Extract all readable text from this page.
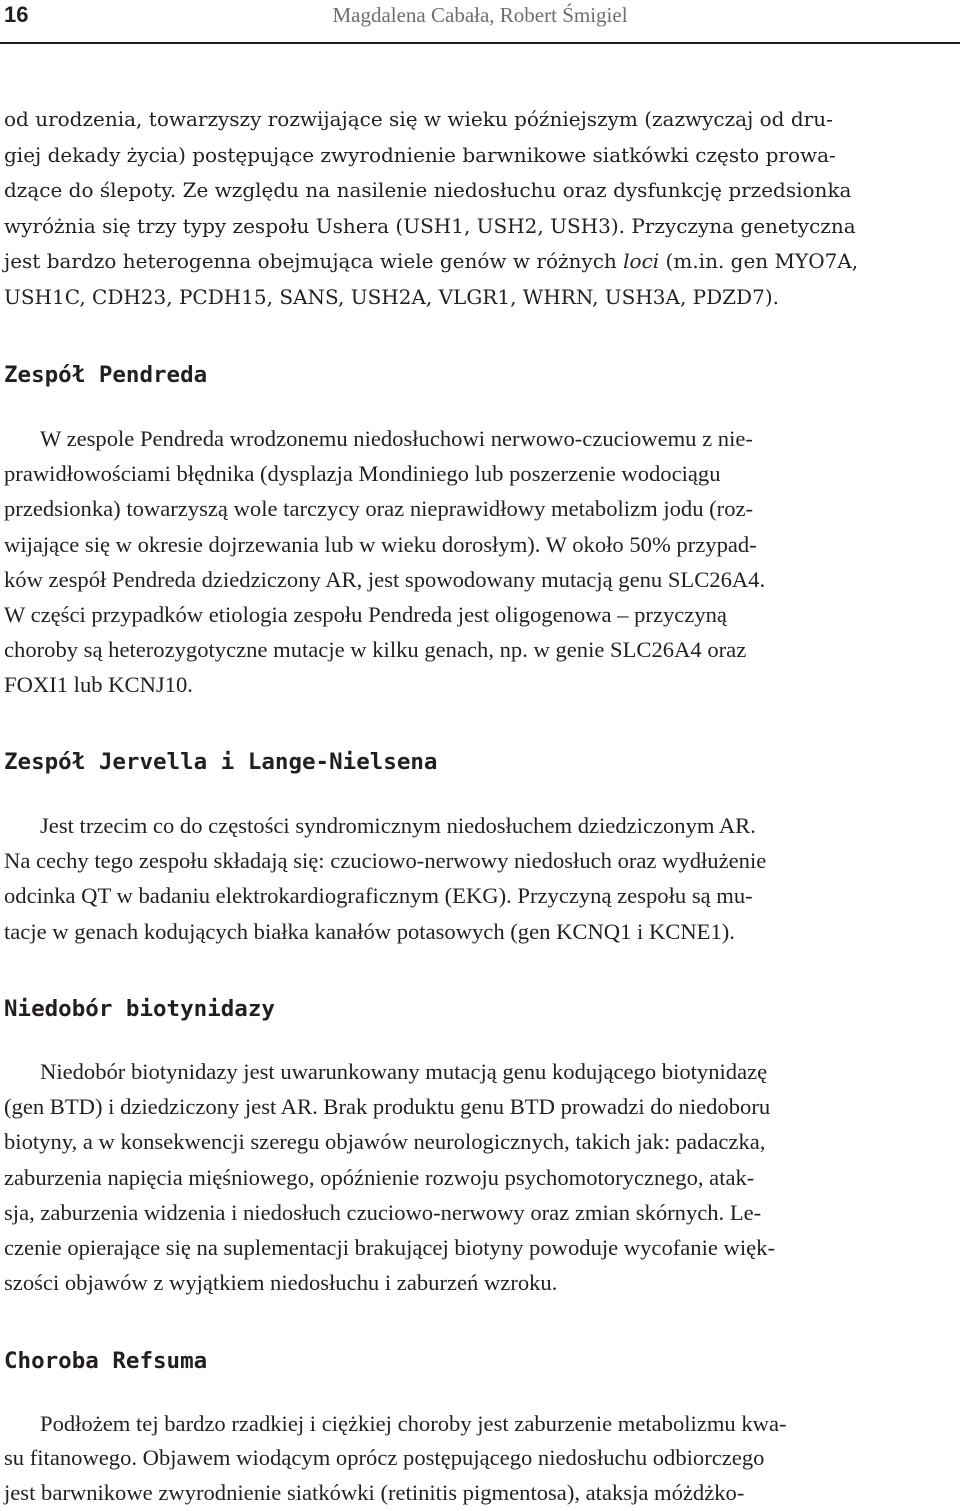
16	Magdalena Cabała, Robert Śmigiel

od urodzenia, towarzyszy rozwijające się w wieku późniejszym (zazwyczaj od dru-
giej dekady życia) postępujące zwyrodnienie barwnikowe siatkówki często prowa-
dzące do ślepoty. Ze względu na nasilenie niedosłuchu oraz dysfunkcję przedsionka
wyróżnia się trzy typy zespołu Ushera (USH1, USH2, USH3). Przyczyna genetyczna
jest bardzo heterogenna obejmująca wiele genów w różnych loci (m.in. gen MYO7A,
USH1C, CDH23, PCDH15, SANS, USH2A, VLGR1, WHRN, USH3A, PDZD7).

Zespół Pendreda

W zespole Pendreda wrodzonemu niedosłuchowi nerwowo-czuciowemu z nie-
prawidłowościami błędnika (dysplazja Mondiniego lub poszerzenie wodociągu
przedsionka) towarzyszą wole tarczycy oraz nieprawidłowy metabolizm jodu (roz-
wijające się w okresie dojrzewania lub w wieku dorosłym). W około 50% przypad-
ków zespół Pendreda dziedziczony AR, jest spowodowany mutacją genu SLC26A4.
W części przypadków etiologia zespołu Pendreda jest oligogenowa – przyczyną
choroby są heterozygotyczne mutacje w kilku genach, np. w genie SLC26A4 oraz
FOXI1 lub KCNJ10.

Zespół Jervella i Lange-Nielsena

Jest trzecim co do częstości syndromicznym niedosłuchem dziedziczonym AR.
Na cechy tego zespołu składają się: czuciowo-nerwowy niedosłuch oraz wydłużenie
odcinka QT w badaniu elektrokardiograficznym (EKG). Przyczyną zespołu są mu-
tacje w genach kodujących białka kanałów potasowych (gen KCNQ1 i KCNE1).

Niedobór biotynidazy

Niedobór biotynidazy jest uwarunkowany mutacją genu kodującego biotynidazę
(gen BTD) i dziedziczony jest AR. Brak produktu genu BTD prowadzi do niedoboru
biotyny, a w konsekwencji szeregu objawów neurologicznych, takich jak: padaczka,
zaburzenia napięcia mięśniowego, opóźnienie rozwoju psychomotorycznego, atak-
sja, zaburzenia widzenia i niedosłuch czuciowo-nerwowy oraz zmian skórnych. Le-
czenie opierające się na suplementacji brakującej biotyny powoduje wycofanie więk-
szości objawów z wyjątkiem niedosłuchu i zaburzeń wzroku.

Choroba Refsuma

Podłożem tej bardzo rzadkiej i ciężkiej choroby jest zaburzenie metabolizmu kwa-
su fitanowego. Objawem wiodącym oprócz postępującego niedosłuchu odbiorczego
jest barwnikowe zwyrodnienie siatkówki (retinitis pigmentosa), ataksja móżdżko-
